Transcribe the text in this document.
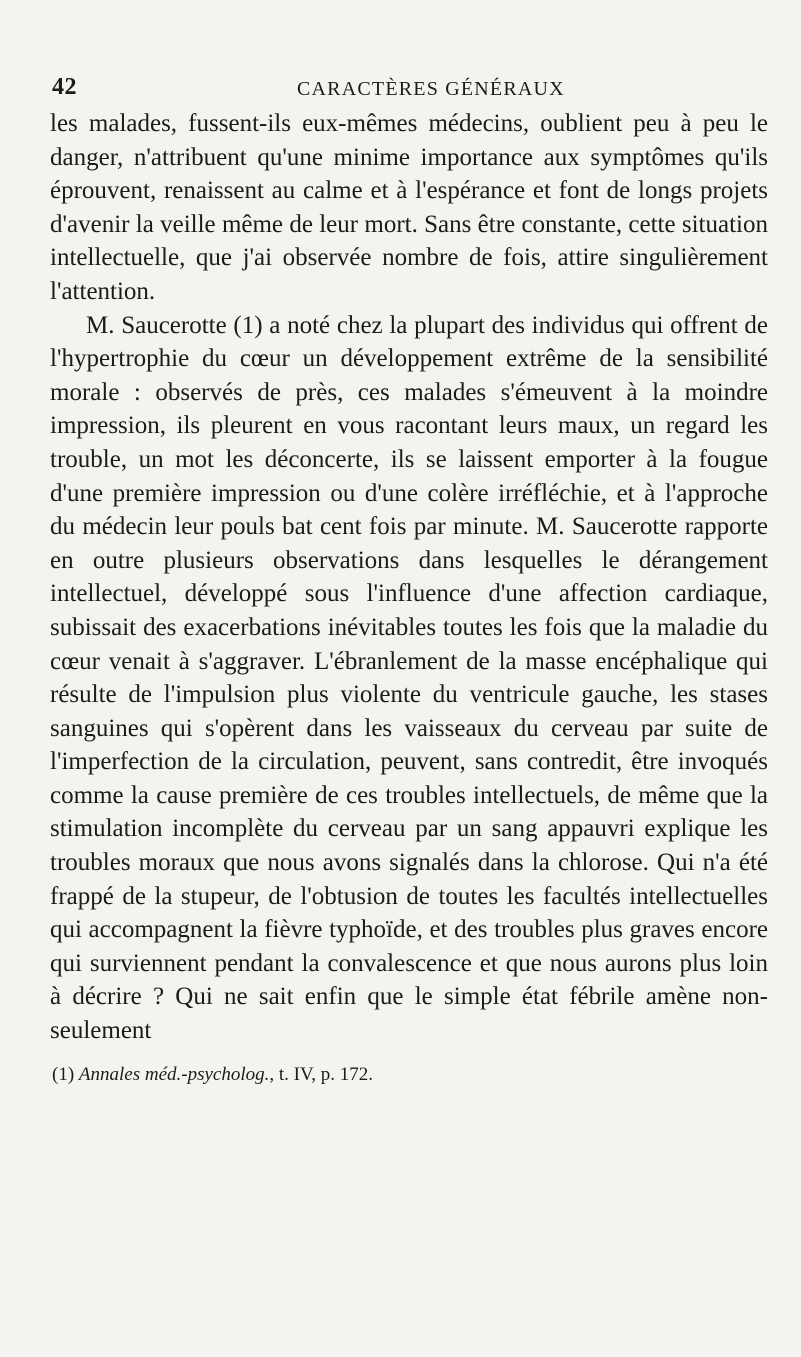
42	CARACTÈRES GÉNÉRAUX

les malades, fussent-ils eux-mêmes médecins, oublient peu à peu le danger, n'attribuent qu'une minime importance aux symptômes qu'ils éprouvent, renaissent au calme et à l'espérance et font de longs projets d'avenir la veille même de leur mort. Sans être constante, cette situation intellectuelle, que j'ai observée nombre de fois, attire singulièrement l'attention.

M. Saucerotte (1) a noté chez la plupart des individus qui offrent de l'hypertrophie du cœur un développement extrême de la sensibilité morale : observés de près, ces malades s'émeuvent à la moindre impression, ils pleurent en vous racontant leurs maux, un regard les trouble, un mot les déconcerte, ils se laissent emporter à la fougue d'une première impression ou d'une colère irréfléchie, et à l'approche du médecin leur pouls bat cent fois par minute. M. Saucerotte rapporte en outre plusieurs observations dans lesquelles le dérangement intellectuel, développé sous l'influence d'une affection cardiaque, subissait des exacerbations inévitables toutes les fois que la maladie du cœur venait à s'aggraver. L'ébranlement de la masse encéphalique qui résulte de l'impulsion plus violente du ventricule gauche, les stases sanguines qui s'opèrent dans les vaisseaux du cerveau par suite de l'imperfection de la circulation, peuvent, sans contredit, être invoqués comme la cause première de ces troubles intellectuels, de même que la stimulation incomplète du cerveau par un sang appauvri explique les troubles moraux que nous avons signalés dans la chlorose. Qui n'a été frappé de la stupeur, de l'obtusion de toutes les facultés intellectuelles qui accompagnent la fièvre typhoïde, et des troubles plus graves encore qui surviennent pendant la convalescence et que nous aurons plus loin à décrire ? Qui ne sait enfin que le simple état fébrile amène non-seulement

(1) Annales méd.-psycholog., t. IV, p. 172.
